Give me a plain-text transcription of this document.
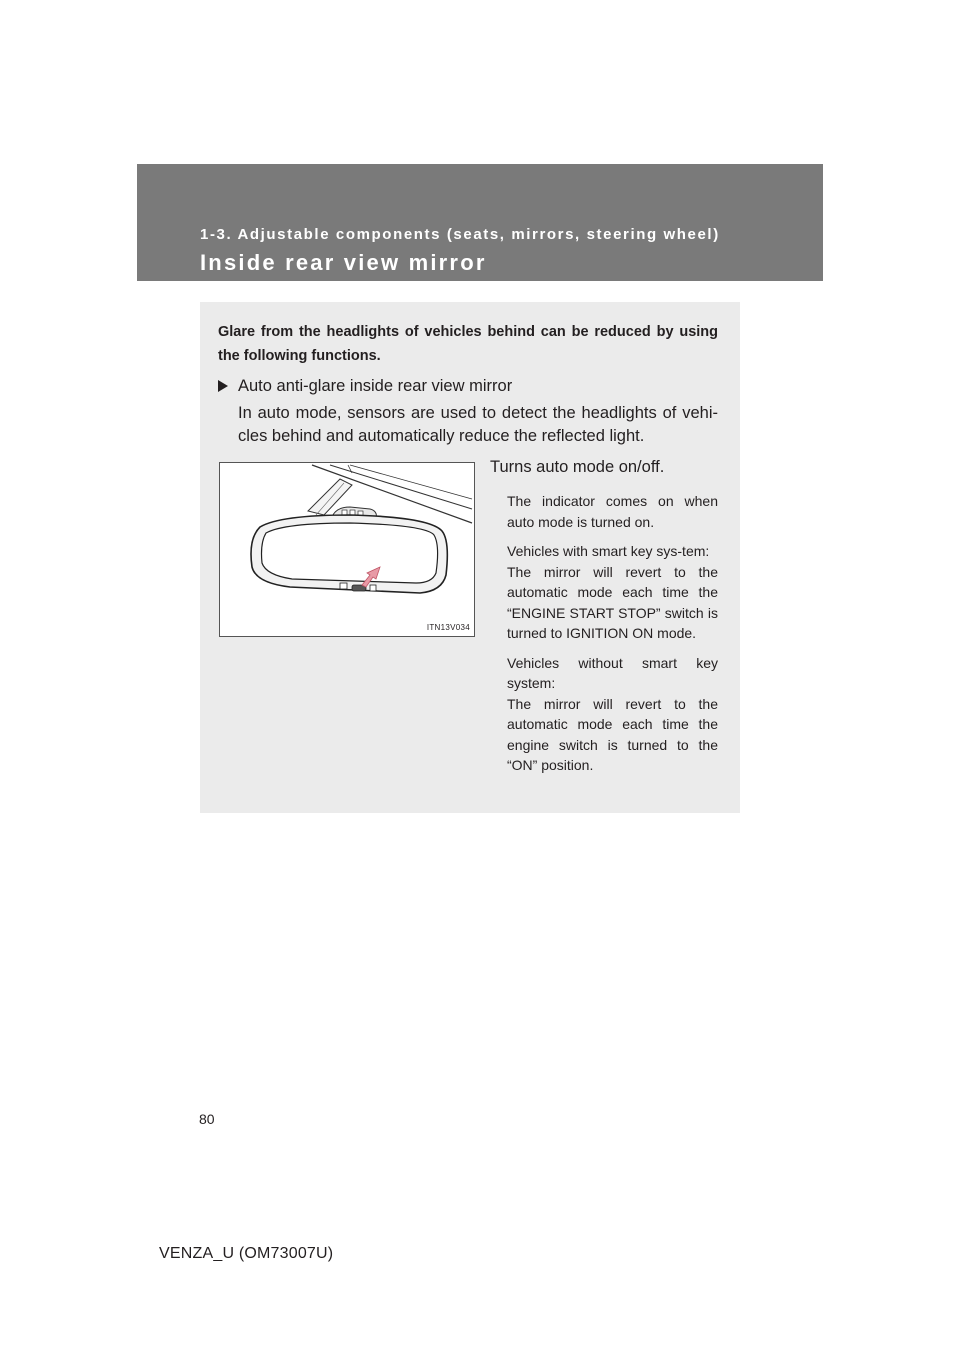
1-3. Adjustable components (seats, mirrors, steering wheel)
Inside rear view mirror
Glare from the headlights of vehicles behind can be reduced by using the following functions.
Auto anti-glare inside rear view mirror
In auto mode, sensors are used to detect the headlights of vehi-cles behind and automatically reduce the reflected light.
ITN13V034
Turns auto mode on/off.
The indicator comes on when auto mode is turned on.
Vehicles with smart key sys-tem:
The mirror will revert to the automatic mode each time the “ENGINE START STOP” switch is turned to IGNITION ON mode.
Vehicles without smart key system:
The mirror will revert to the automatic mode each time the engine switch is turned to the “ON” position.
80
VENZA_U (OM73007U)
